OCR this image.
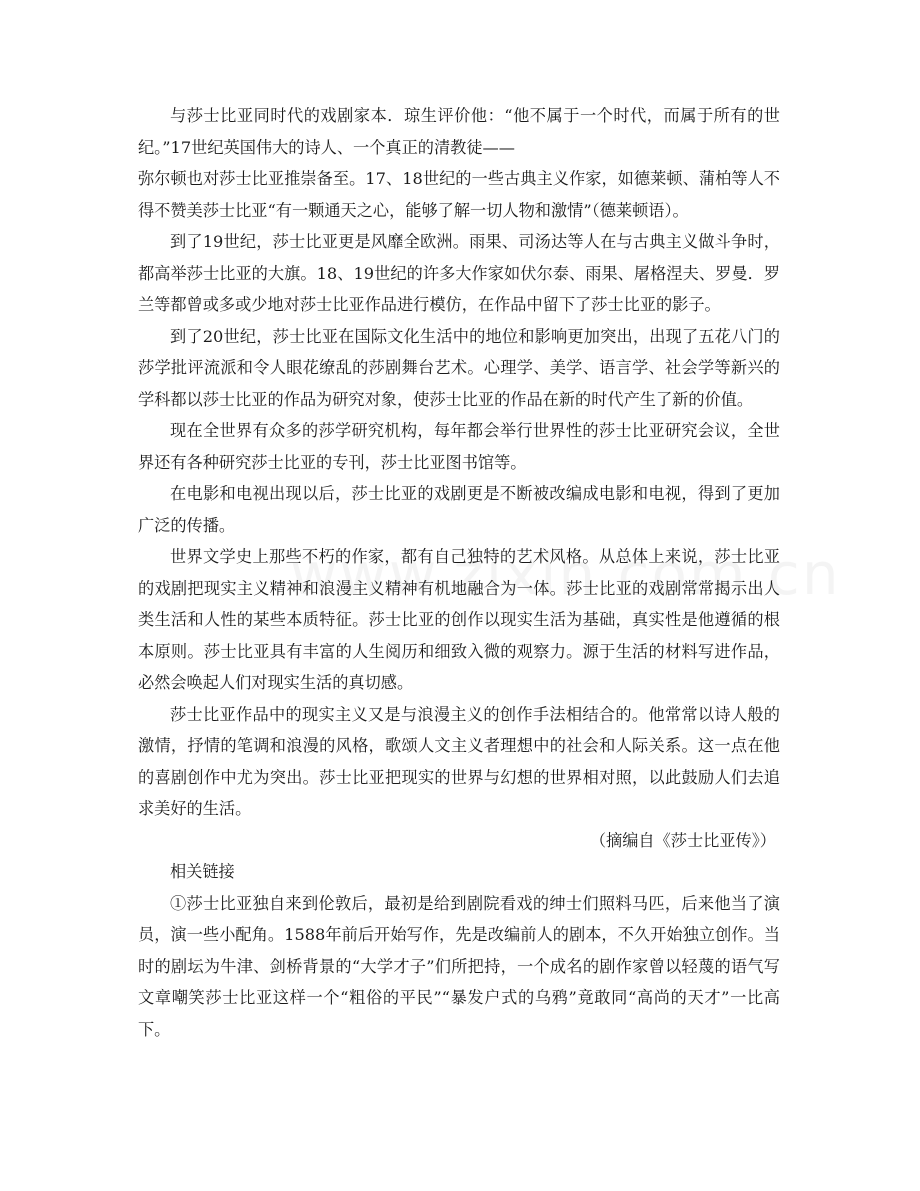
与莎士比亚同时代的戏剧家本．琼生评价他：“他不属于一个时代，而属于所有的世纪。”17世纪英国伟大的诗人、一个真正的清教徒——

弥尔顿也对莎士比亚推崇备至。17、18世纪的一些古典主义作家，如德莱顿、蒲柏等人不得不赞美莎士比亚“有一颗通天之心，能够了解一切人物和激情”（德莱顿语）。

到了19世纪，莎士比亚更是风靡全欧洲。雨果、司汤达等人在与古典主义做斗争时，都高举莎士比亚的大旗。18、19世纪的许多大作家如伏尔泰、雨果、屠格涅夫、罗曼．罗兰等都曾或多或少地对莎士比亚作品进行模仿，在作品中留下了莎士比亚的影子。

到了20世纪，莎士比亚在国际文化生活中的地位和影响更加突出，出现了五花八门的莎学批评流派和令人眼花缭乱的莎剧舞台艺术。心理学、美学、语言学、社会学等新兴的学科都以莎士比亚的作品为研究对象，使莎士比亚的作品在新的时代产生了新的价值。

现在全世界有众多的莎学研究机构，每年都会举行世界性的莎士比亚研究会议，全世界还有各种研究莎士比亚的专刊，莎士比亚图书馆等。

在电影和电视出现以后，莎士比亚的戏剧更是不断被改编成电影和电视，得到了更加广泛的传播。

世界文学史上那些不朽的作家，都有自己独特的艺术风格。从总体上来说，莎士比亚的戏剧把现实主义精神和浪漫主义精神有机地融合为一体。莎士比亚的戏剧常常揭示出人类生活和人性的某些本质特征。莎士比亚的创作以现实生活为基础，真实性是他遵循的根本原则。莎士比亚具有丰富的人生阅历和细致入微的观察力。源于生活的材料写进作品，必然会唤起人们对现实生活的真切感。

莎士比亚作品中的现实主义又是与浪漫主义的创作手法相结合的。他常常以诗人般的激情，抒情的笔调和浪漫的风格，歌颂人文主义者理想中的社会和人际关系。这一点在他的喜剧创作中尤为突出。莎士比亚把现实的世界与幻想的世界相对照，以此鼓励人们去追求美好的生活。

（摘编自《莎士比亚传》）

相关链接

①莎士比亚独自来到伦敦后，最初是给到剧院看戏的绅士们照料马匹，后来他当了演员，演一些小配角。1588年前后开始写作，先是改编前人的剧本，不久开始独立创作。当时的剧坛为牛津、剑桥背景的“大学才子”们所把持，一个成名的剧作家曾以轻蔑的语气写文章嘲笑莎士比亚这样一个“粗俗的平民”“暴发户式的乌鸦”竟敢同“高尚的天才”一比高下。
